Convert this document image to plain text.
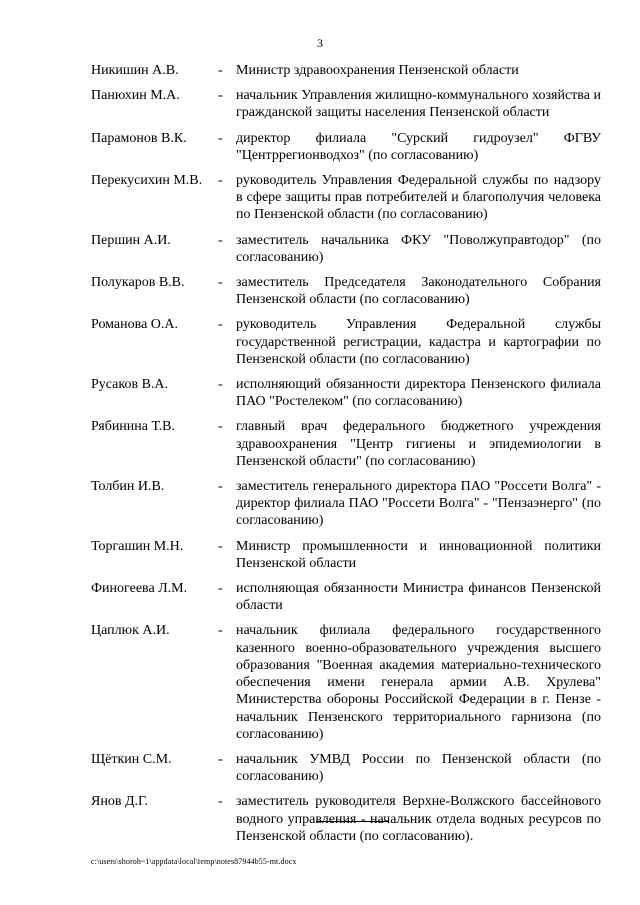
3
Никишин А.В.	- Министр здравоохранения Пензенской области
Панюхин М.А.	- начальник Управления жилищно-коммунального хозяйства и гражданской защиты населения Пензенской области
Парамонов В.К.	- директор филиала "Сурский гидроузел" ФГВУ "Центррегионводхоз" (по согласованию)
Перекусихин М.В.	- руководитель Управления Федеральной службы по надзору в сфере защиты прав потребителей и благополучия человека по Пензенской области (по согласованию)
Першин А.И.	- заместитель начальника ФКУ "Поволжуправтодор" (по согласованию)
Полукаров В.В.	- заместитель Председателя Законодательного Собрания Пензенской области (по согласованию)
Романова О.А.	- руководитель Управления Федеральной службы государственной регистрации, кадастра и картографии по Пензенской области (по согласованию)
Русаков В.А.	- исполняющий обязанности директора Пензенского филиала ПАО "Ростелеком" (по согласованию)
Рябинина Т.В.	- главный врач федерального бюджетного учреждения здравоохранения "Центр гигиены и эпидемиологии в Пензенской области" (по согласованию)
Толбин И.В.	- заместитель генерального директора ПАО "Россети Волга" - директор филиала ПАО "Россети Волга" - "Пензаэнерго" (по согласованию)
Торгашин М.Н.	- Министр промышленности и инновационной политики Пензенской области
Финогеева Л.М.	- исполняющая обязанности Министра финансов Пензенской области
Цаплюк А.И.	- начальник филиала федерального государственного казенного военно-образовательного учреждения высшего образования "Военная академия материально-технического обеспечения имени генерала армии А.В. Хрулева" Министерства обороны Российской Федерации в г. Пензе - начальник Пензенского территориального гарнизона (по согласованию)
Щёткин С.М.	- начальник УМВД России по Пензенской области (по согласованию)
Янов Д.Г.	- заместитель руководителя Верхне-Волжского бассейнового водного управления - начальник отдела водных ресурсов по Пензенской области (по согласованию).
c:\users\shoroh~1\appdata\local\temp\notes87944b55-mt.docx
